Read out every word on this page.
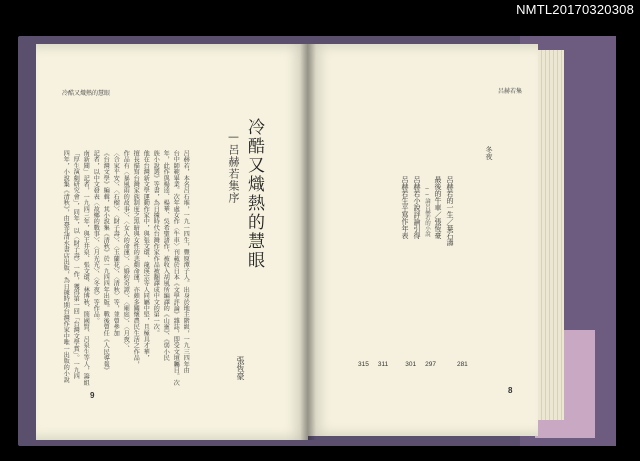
NMTL20170320308
冷酷又熾熱的慧眼
冷酷又熾熱的慧眼
—呂赫若集序
張恆豪
呂赫若，本名呂石堆，一九一四生，豐原潭子人。出身於地主階級，一九三四年由
台中師範畢業。次年處女作〈牛車〉刊載於日本《文學評論》雜誌，即受文壇矚目。次
年，此作與楊逵、楊華、吳希聖諸作，被收入胡風所編譯的《山靈》、《弱小民
族小說選》等書，為日據時代台灣作家作品被翻譯成中文的第一次。
他在台灣新文學運動作家中，與張文環、龍瑛宗等人同屬中堅，且極具才華，
擅長描寫台灣家族制度之黑暗與女性的悲劇命運，亦頗多關懷農民生活之作品，
作品有〈暴風雨的故事〉、〈女人的命運〉、〈婚約奇譚〉、〈廟庭〉、〈月夜〉、
〈合家平安〉、〈石榴〉、〈財子壽〉、〈玉蘭花〉、〈清秋〉等，並曾參加
《台灣文學》編輯，其小說集《清秋》於一九四四年出版。戰後曾任《人民導報》
記者，以中文發表〈故鄉的戰事〉、〈月光光〉、〈冬夜〉等作品。
南新聞」記者，一九四三年，與王井泉、張文環、林博秋、簡國賢、呂泉生等人，籌組
「厚生演劇研究會」，同年，以〈財子壽〉一作，獲得第一回「台灣文學賞」。一九四
四年，小說集《清秋》，由臺北清水書店出版，為日據時期台灣作家中唯一出版的小說
9
呂赫若集
冬夜
呂赫若的一生／葉石濤
最後的牛車／張恆豪
──論呂赫若的小說
呂赫若小說評論引得
呂赫若生平寫作年表
315 311	301 297	281
8
